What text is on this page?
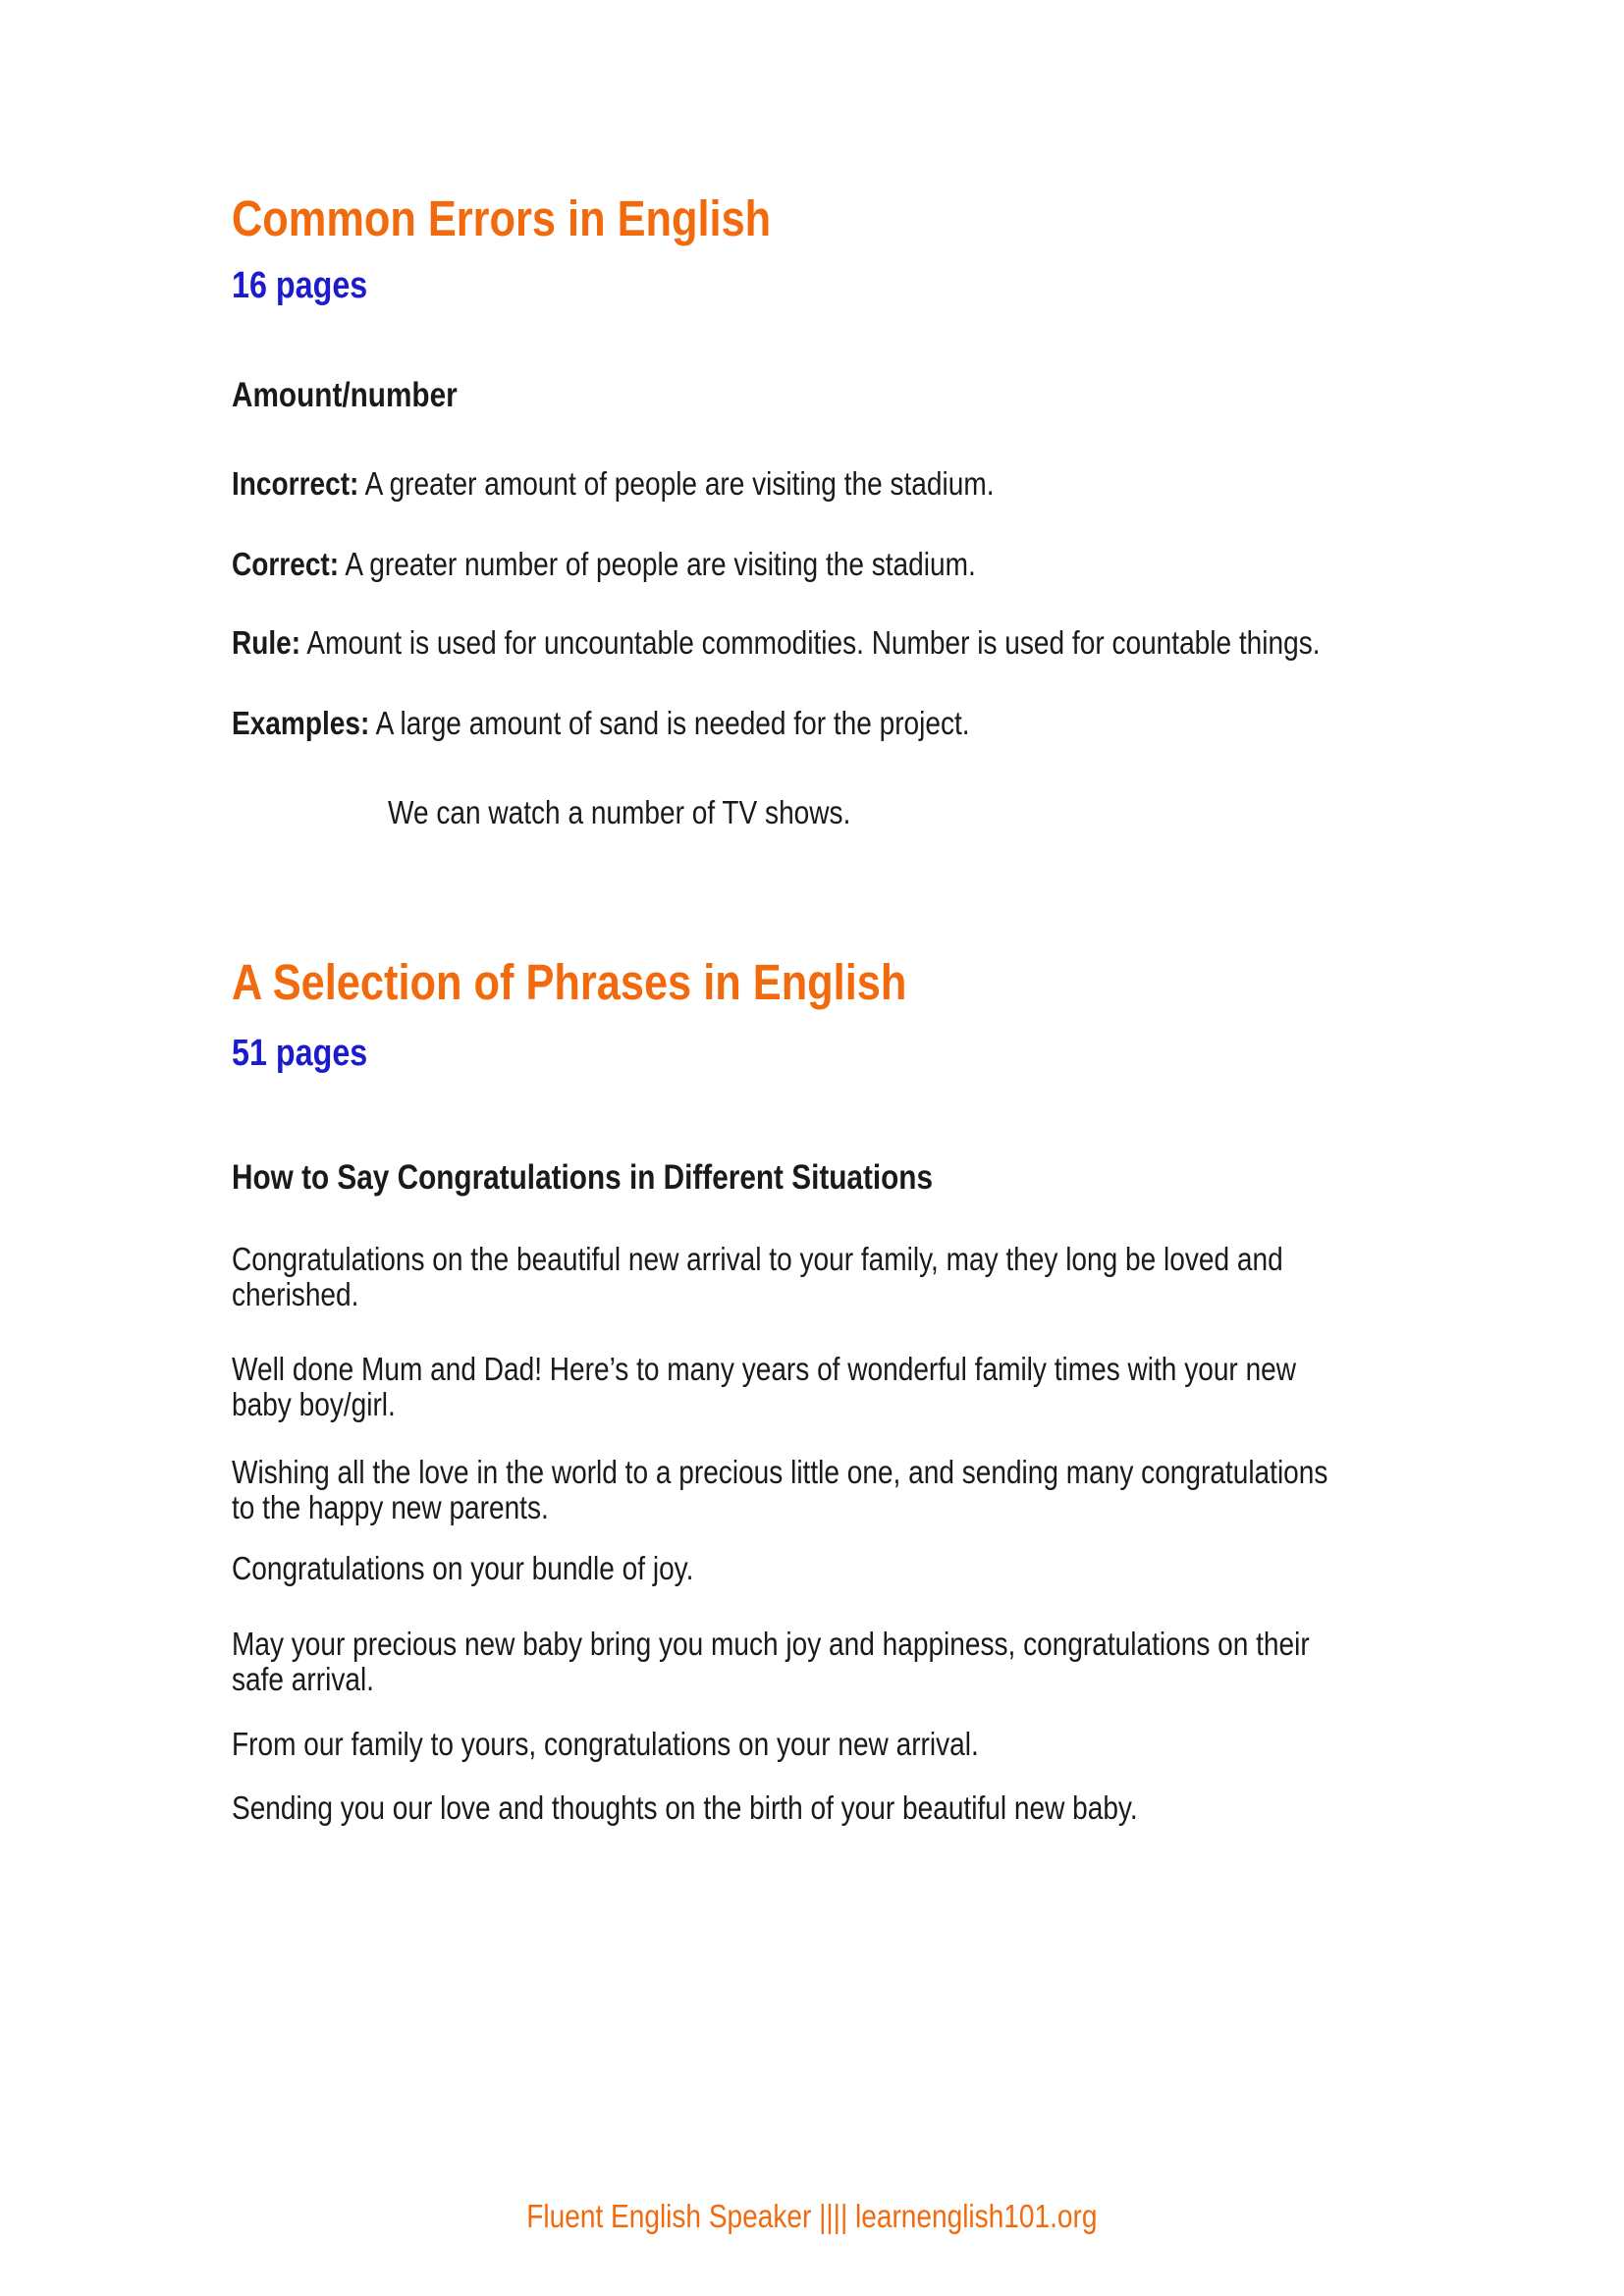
Common Errors in English
16 pages
Amount/number
Incorrect: A greater amount of people are visiting the stadium.
Correct: A greater number of people are visiting the stadium.
Rule: Amount is used for uncountable commodities. Number is used for countable things.
Examples: A large amount of sand is needed for the project.
We can watch a number of TV shows.
A Selection of Phrases in English
51 pages
How to Say Congratulations in Different Situations
Congratulations on the beautiful new arrival to your family, may they long be loved and
cherished.
Well done Mum and Dad! Here’s to many years of wonderful family times with your new
baby boy/girl.
Wishing all the love in the world to a precious little one, and sending many congratulations
to the happy new parents.
Congratulations on your bundle of joy.
May your precious new baby bring you much joy and happiness, congratulations on their
safe arrival.
From our family to yours, congratulations on your new arrival.
Sending you our love and thoughts on the birth of your beautiful new baby.
Fluent English Speaker |||| learnenglish101.org
